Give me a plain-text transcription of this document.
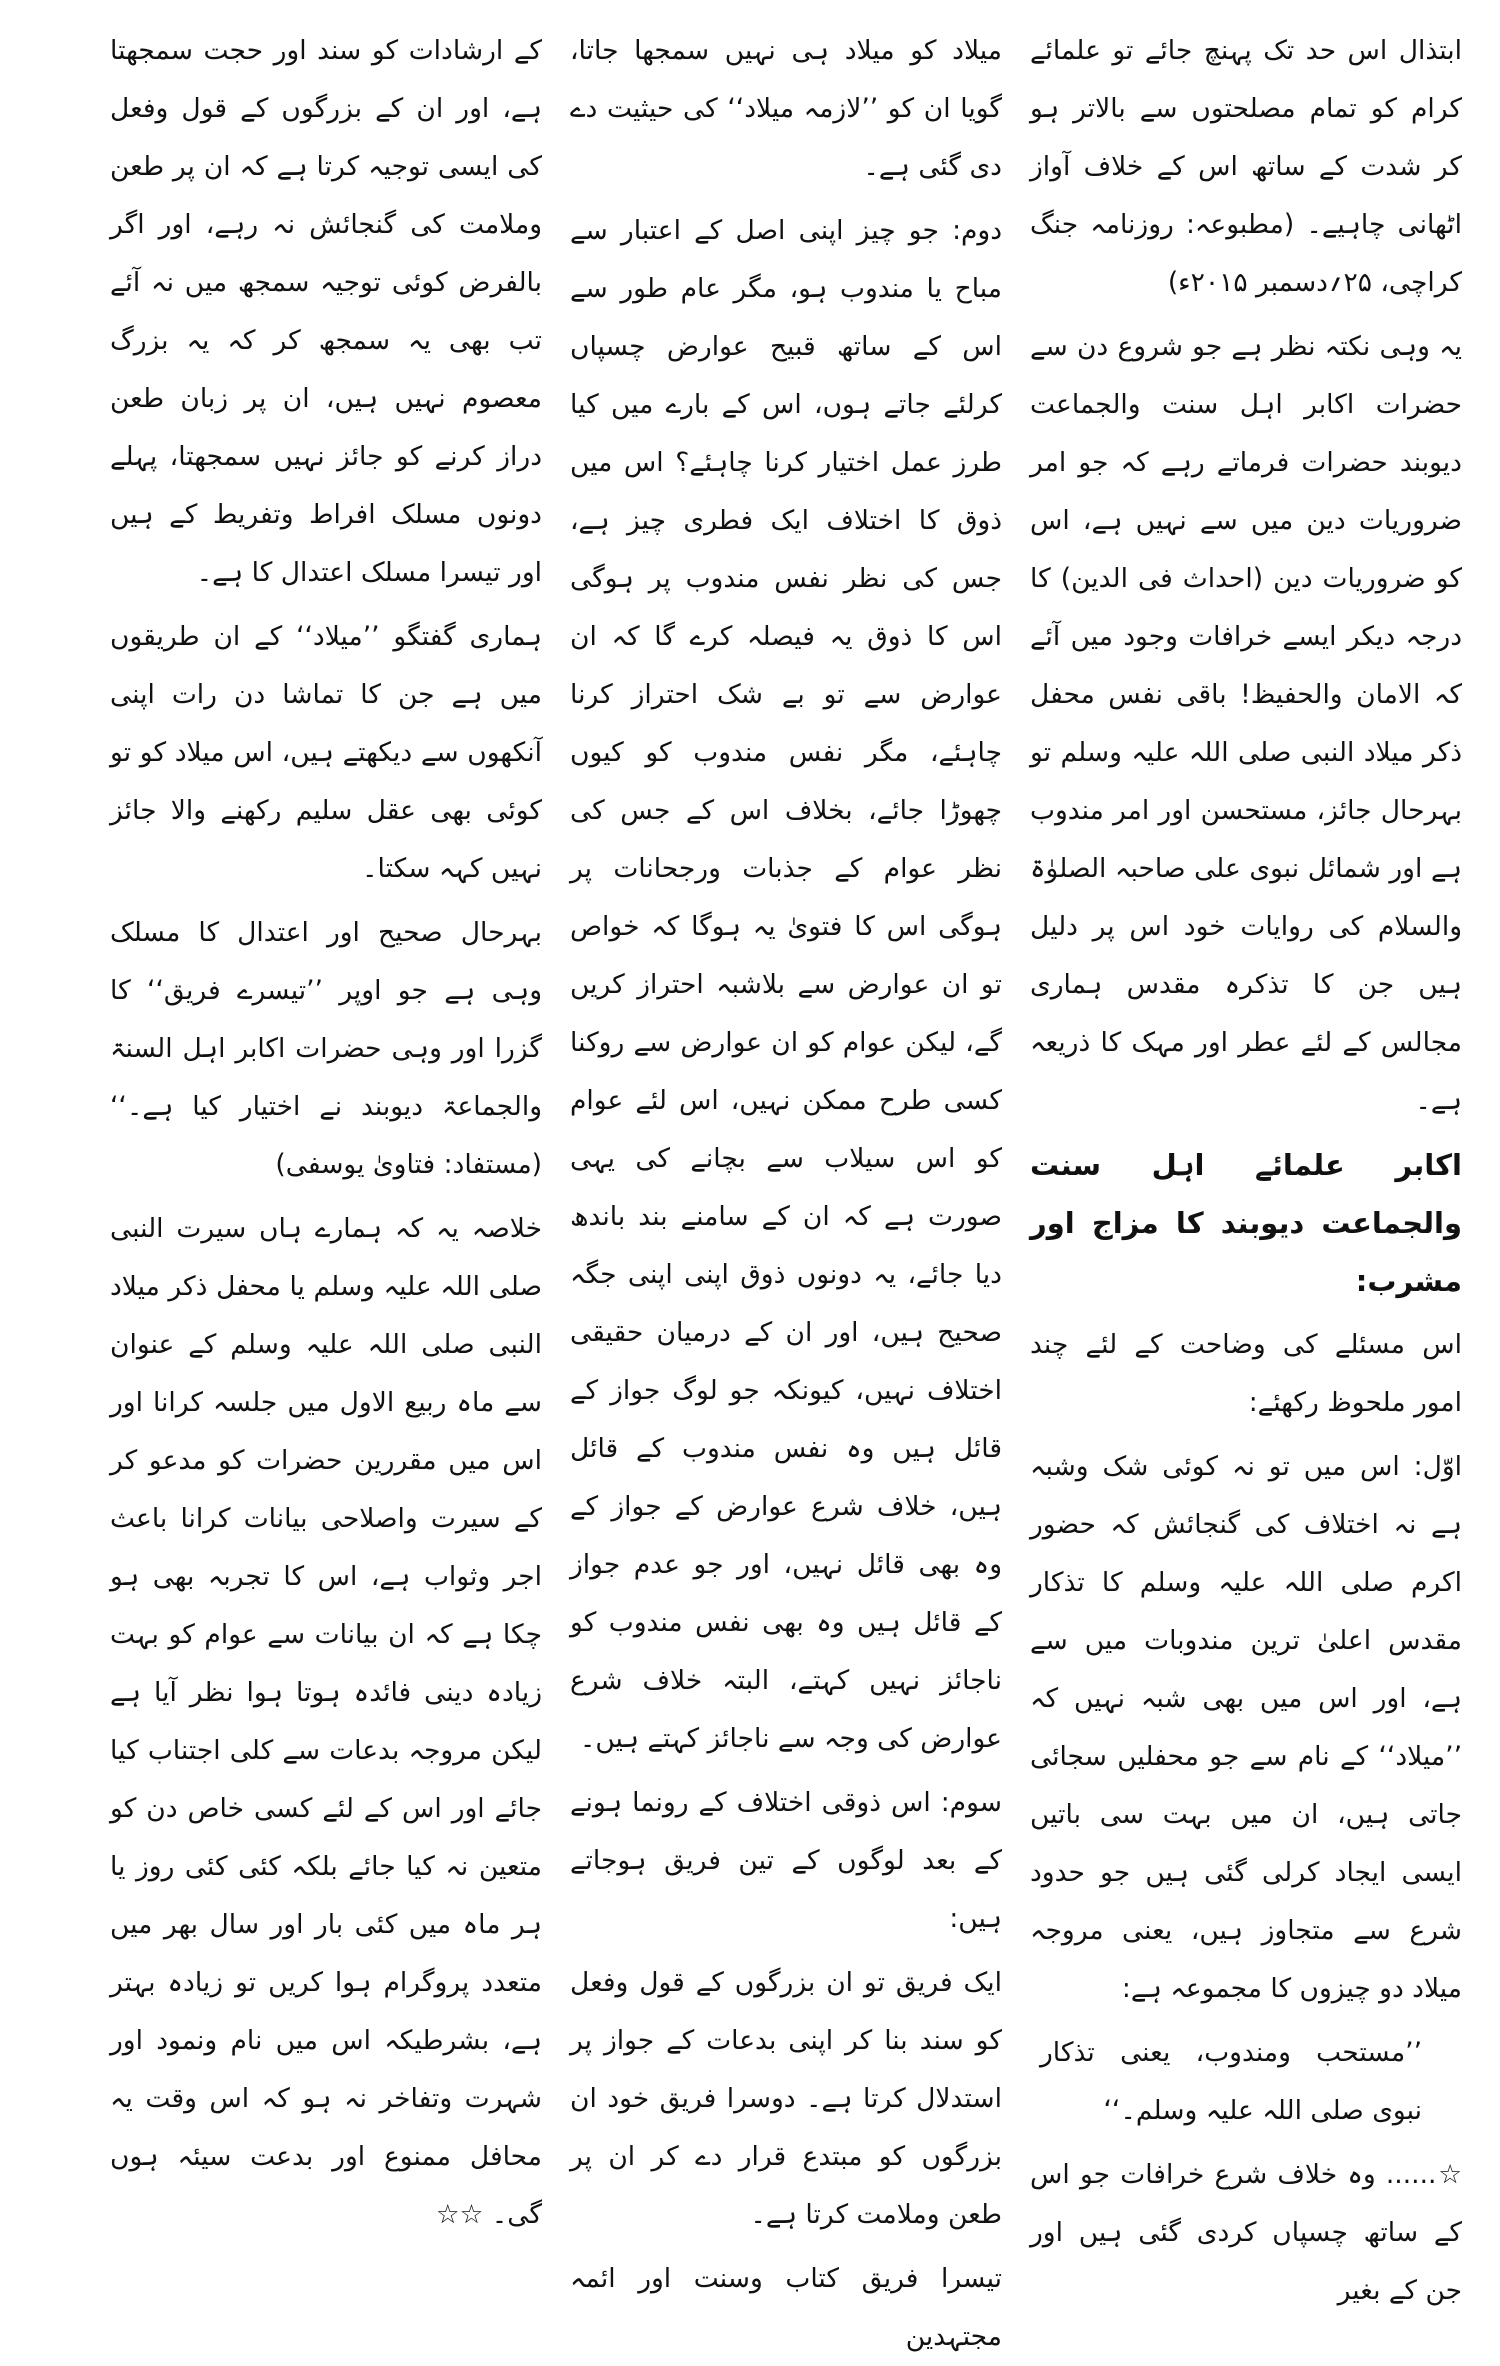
ابتذال اس حد تک پہنچ جائے تو علمائے کرام کو تمام مصلحتوں سے بالاتر ہو کر شدت کے ساتھ اس کے خلاف آواز اٹھانی چاہیے۔ (مطبوعہ: روزنامہ جنگ کراچی، ۲۵؍دسمبر ۲۰۱۵ء)

یہ وہی نکتہ نظر ہے جو شروع دن سے حضرات اکابر اہل سنت والجماعت دیوبند حضرات فرماتے رہے کہ جو امر ضروریات دین میں سے نہیں ہے، اس کو ضروریات دین (احداث فی الدین) کا درجہ دیکر ایسے خرافات وجود میں آئے کہ الامان والحفیظ! باقی نفس محفل ذکر میلاد النبی صلی اللہ علیہ وسلم تو بہرحال جائز، مستحسن اور امر مندوب ہے اور شمائل نبوی علی صاحبہ الصلوٰۃ والسلام کی روایات خود اس پر دلیل ہیں جن کا تذکرہ مقدس ہماری مجالس کے لئے عطر اور مہک کا ذریعہ ہے۔

اکابر علمائے اہل سنت والجماعت دیوبند کا مزاج اور مشرب:

اس مسئلے کی وضاحت کے لئے چند امور ملحوظ رکھئے:

اوّل: اس میں تو نہ کوئی شک وشبہ ہے نہ اختلاف کی گنجائش کہ حضور اکرم صلی اللہ علیہ وسلم کا تذکار مقدس اعلیٰ ترین مندوبات میں سے ہے، اور اس میں بھی شبہ نہیں کہ ’’میلاد‘‘ کے نام سے جو محفلیں سجائی جاتی ہیں، ان میں بہت سی باتیں ایسی ایجاد کرلی گئی ہیں جو حدود شرع سے متجاوز ہیں، یعنی مروجہ میلاد دو چیزوں کا مجموعہ ہے:

’’مستحب ومندوب، یعنی تذکار نبوی صلی اللہ علیہ وسلم۔‘‘

☆...... وہ خلاف شرع خرافات جو اس کے ساتھ چسپاں کردی گئی ہیں اور جن کے بغیر

میلاد کو میلاد ہی نہیں سمجھا جاتا، گویا ان کو ’’لازمہ میلاد‘‘ کی حیثیت دے دی گئی ہے۔

دوم: جو چیز اپنی اصل کے اعتبار سے مباح یا مندوب ہو، مگر عام طور سے اس کے ساتھ قبیح عوارض چسپاں کرلئے جاتے ہوں، اس کے بارے میں کیا طرز عمل اختیار کرنا چاہئے؟ اس میں ذوق کا اختلاف ایک فطری چیز ہے، جس کی نظر نفس مندوب پر ہوگی اس کا ذوق یہ فیصلہ کرے گا کہ ان عوارض سے تو بے شک احتراز کرنا چاہئے، مگر نفس مندوب کو کیوں چھوڑا جائے، بخلاف اس کے جس کی نظر عوام کے جذبات ورجحانات پر ہوگی اس کا فتویٰ یہ ہوگا کہ خواص تو ان عوارض سے بلاشبہ احتراز کریں گے، لیکن عوام کو ان عوارض سے روکنا کسی طرح ممکن نہیں، اس لئے عوام کو اس سیلاب سے بچانے کی یہی صورت ہے کہ ان کے سامنے بند باندھ دیا جائے، یہ دونوں ذوق اپنی اپنی جگہ صحیح ہیں، اور ان کے درمیان حقیقی اختلاف نہیں، کیونکہ جو لوگ جواز کے قائل ہیں وہ نفس مندوب کے قائل ہیں، خلاف شرع عوارض کے جواز کے وہ بھی قائل نہیں، اور جو عدم جواز کے قائل ہیں وہ بھی نفس مندوب کو ناجائز نہیں کہتے، البتہ خلاف شرع عوارض کی وجہ سے ناجائز کہتے ہیں۔

سوم: اس ذوقی اختلاف کے رونما ہونے کے بعد لوگوں کے تین فریق ہوجاتے ہیں:

ایک فریق تو ان بزرگوں کے قول وفعل کو سند بنا کر اپنی بدعات کے جواز پر استدلال کرتا ہے۔ دوسرا فریق خود ان بزرگوں کو مبتدع قرار دے کر ان پر طعن وملامت کرتا ہے۔

تیسرا فریق کتاب وسنت اور ائمہ مجتہدین

کے ارشادات کو سند اور حجت سمجھتا ہے، اور ان کے بزرگوں کے قول وفعل کی ایسی توجیہ کرتا ہے کہ ان پر طعن وملامت کی گنجائش نہ رہے، اور اگر بالفرض کوئی توجیہ سمجھ میں نہ آئے تب بھی یہ سمجھ کر کہ یہ بزرگ معصوم نہیں ہیں، ان پر زبان طعن دراز کرنے کو جائز نہیں سمجھتا، پہلے دونوں مسلک افراط وتفریط کے ہیں اور تیسرا مسلک اعتدال کا ہے۔

ہماری گفتگو ’’میلاد‘‘ کے ان طریقوں میں ہے جن کا تماشا دن رات اپنی آنکھوں سے دیکھتے ہیں، اس میلاد کو تو کوئی بھی عقل سلیم رکھنے والا جائز نہیں کہہ سکتا۔

بہرحال صحیح اور اعتدال کا مسلک وہی ہے جو اوپر ’’تیسرے فریق‘‘ کا گزرا اور وہی حضرات اکابر اہل السنۃ والجماعۃ دیوبند نے اختیار کیا ہے۔‘‘ (مستفاد: فتاویٰ یوسفی)

خلاصہ یہ کہ ہمارے ہاں سیرت النبی صلی اللہ علیہ وسلم یا محفل ذکر میلاد النبی صلی اللہ علیہ وسلم کے عنوان سے ماہ ربیع الاول میں جلسہ کرانا اور اس میں مقررین حضرات کو مدعو کر کے سیرت واصلاحی بیانات کرانا باعث اجر وثواب ہے، اس کا تجربہ بھی ہو چکا ہے کہ ان بیانات سے عوام کو بہت زیادہ دینی فائدہ ہوتا ہوا نظر آیا ہے لیکن مروجہ بدعات سے کلی اجتناب کیا جائے اور اس کے لئے کسی خاص دن کو متعین نہ کیا جائے بلکہ کئی کئی روز یا ہر ماہ میں کئی بار اور سال بھر میں متعدد پروگرام ہوا کریں تو زیادہ بہتر ہے، بشرطیکہ اس میں نام ونمود اور شہرت وتفاخر نہ ہو کہ اس وقت یہ محافل ممنوع اور بدعت سیئہ ہوں گی۔ ☆☆
